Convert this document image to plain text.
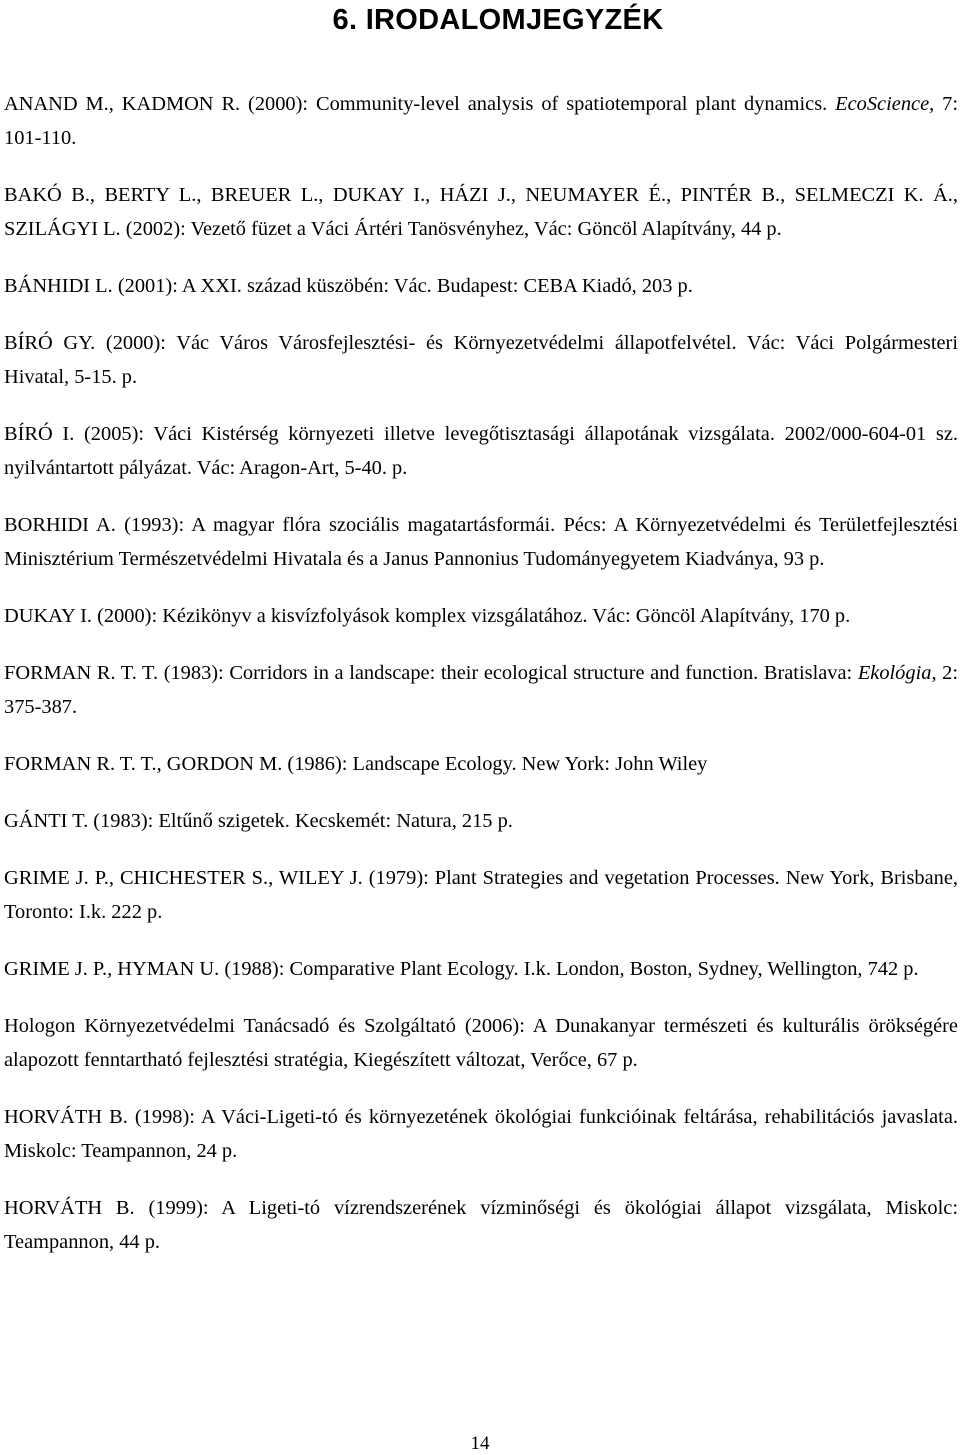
6. IRODALOMJEGYZÉK

ANAND M., KADMON R. (2000): Community-level analysis of spatiotemporal plant dynamics. EcoScience, 7: 101-110.

BAKÓ B., BERTY L., BREUER L., DUKAY I., HÁZI J., NEUMAYER É., PINTÉR B., SELMECZI K. Á., SZILÁGYI L. (2002): Vezető füzet a Váci Ártéri Tanösvényhez, Vác: Göncöl Alapítvány, 44 p.

BÁNHIDI L. (2001): A XXI. század küszöbén: Vác. Budapest: CEBA Kiadó, 203 p.

BÍRÓ GY. (2000): Vác Város Városfejlesztési- és Környezetvédelmi állapotfelvétel. Vác: Váci Polgármesteri Hivatal, 5-15. p.

BÍRÓ I. (2005): Váci Kistérség környezeti illetve levegőtisztasági állapotának vizsgálata. 2002/000-604-01 sz. nyilvántartott pályázat. Vác: Aragon-Art, 5-40. p.

BORHIDI A. (1993): A magyar flóra szociális magatartásformái. Pécs: A Környezetvédelmi és Területfejlesztési Minisztérium Természetvédelmi Hivatala és a Janus Pannonius Tudományegyetem Kiadványa, 93 p.

DUKAY I. (2000): Kézikönyv a kisvízfolyások komplex vizsgálatához. Vác: Göncöl Alapítvány, 170 p.

FORMAN R. T. T. (1983): Corridors in a landscape: their ecological structure and function. Bratislava: Ekológia, 2: 375-387.

FORMAN R. T. T., GORDON M. (1986): Landscape Ecology. New York: John Wiley

GÁNTI T. (1983): Eltűnő szigetek. Kecskemét: Natura, 215 p.

GRIME J. P., CHICHESTER S., WILEY J. (1979): Plant Strategies and vegetation Processes. New York, Brisbane, Toronto: I.k. 222 p.

GRIME J. P., HYMAN U. (1988): Comparative Plant Ecology. I.k. London, Boston, Sydney, Wellington, 742 p.

Hologon Környezetvédelmi Tanácsadó és Szolgáltató (2006): A Dunakanyar természeti és kulturális örökségére alapozott fenntartható fejlesztési stratégia, Kiegészített változat, Verőce, 67 p.

HORVÁTH B. (1998): A Váci-Ligeti-tó és környezetének ökológiai funkcióinak feltárása, rehabilitációs javaslata. Miskolc: Teampannon, 24 p.

HORVÁTH B. (1999): A Ligeti-tó vízrendszerének vízminőségi és ökológiai állapot vizsgálata, Miskolc: Teampannon, 44 p.

14
